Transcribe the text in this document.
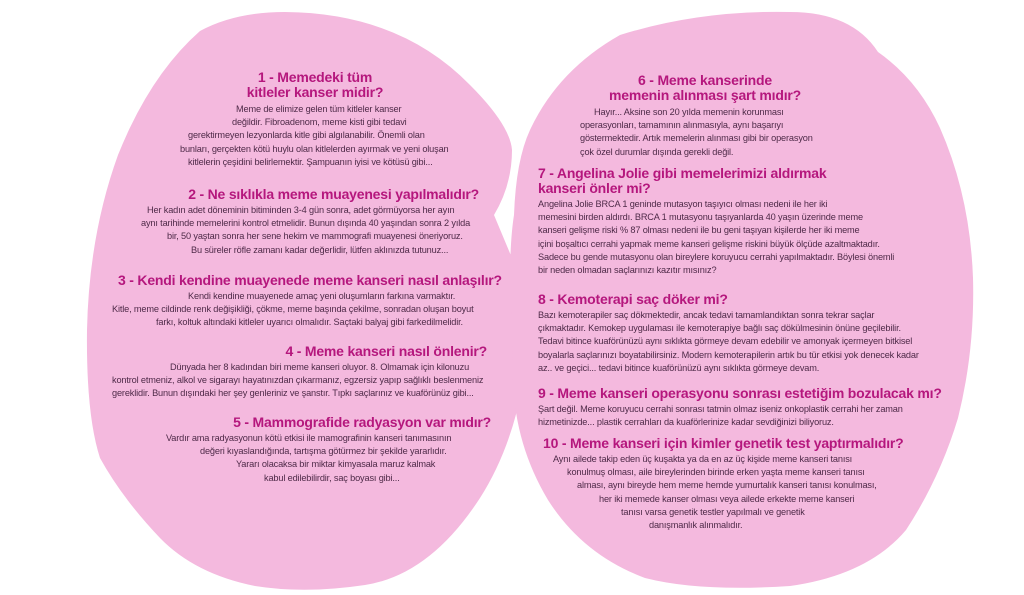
1 - Memedeki tüm
kitleler kanser midir?
Meme de elimize gelen tüm kitleler kanser
değildir. Fibroadenom, meme kisti gibi tedavi
gerektirmeyen lezyonlarda kitle gibi algılanabilir. Önemli olan
bunları, gerçekten kötü huylu olan kitlelerden ayırmak ve yeni oluşan
kitlelerin çeşidini belirlemektir. Şampuanın iyisi ve kötüsü gibi...
2 - Ne sıklıkla meme muayenesi yapılmalıdır?
Her kadın adet döneminin bitiminden 3-4 gün sonra, adet görmüyorsa her ayın
aynı tarihinde memelerini kontrol etmelidir. Bunun dışında 40 yaşından sonra 2 yılda
bir, 50 yaştan sonra her sene hekim ve mammografi muayenesi öneriyoruz.
Bu süreler röfle zamanı kadar değerlidir, lütfen aklınızda tutunuz...
3 - Kendi kendine muayenede meme kanseri nasıl anlaşılır?
Kendi kendine muayenede amaç yeni oluşumların farkına varmaktır.
Kitle, meme cildinde renk değişikliği, çökme, meme başında çekilme, sonradan oluşan boyut
farkı, koltuk altındaki kitleler uyarıcı olmalıdır. Saçtaki balyaj gibi farkedilmelidir.
4 - Meme kanseri nasıl önlenir?
Dünyada her 8 kadından biri meme kanseri oluyor. 8. Olmamak için kilonuzu
kontrol etmeniz, alkol ve sigarayı hayatınızdan çıkarmanız, egzersiz yapıp sağlıklı beslenmeniz
gereklidir. Bunun dışındaki her şey genleriniz ve şanstır. Tıpkı saçlarınız ve kuaförünüz gibi...
5 - Mammografide radyasyon var mıdır?
Vardır ama radyasyonun kötü etkisi ile mamografinin kanseri tanımasının
değeri kıyaslandığında, tartışma götürmez bir şekilde yararlıdır.
Yararı olacaksa bir miktar kimyasala maruz kalmak
kabul edilebilirdir, saç boyası gibi...
6 - Meme kanserinde
memenin alınması şart mıdır?
Hayır... Aksine son 20 yılda memenin korunması
operasyonları, tamamının alınmasıyla, aynı başarıyı
göstermektedir. Artık memelerin alınması gibi bir operasyon
çok özel durumlar dışında gerekli değil.
7 - Angelina Jolie gibi memelerimizi aldırmak
kanseri önler mi?
Angelina Jolie BRCA 1 geninde mutasyon taşıyıcı olması nedeni ile her iki
memesini birden aldırdı. BRCA 1 mutasyonu taşıyanlarda 40 yaşın üzerinde meme
kanseri gelişme riski % 87 olması nedeni ile bu geni taşıyan kişilerde her iki meme
içini boşaltıcı cerrahi yapmak meme kanseri gelişme riskini büyük ölçüde azaltmaktadır.
Sadece bu gende mutasyonu olan bireylere koruyucu cerrahi yapılmaktadır. Böylesi önemli
bir neden olmadan saçlarınızı kazıtır mısınız?
8 - Kemoterapi saç döker mi?
Bazı kemoterapiler saç dökmektedir, ancak tedavi tamamlandıktan sonra tekrar saçlar
çıkmaktadır. Kemokep uygulaması ile kemoterapiye bağlı saç dökülmesinin önüne geçilebilir.
Tedavi bitince kuaförünüzü aynı sıklıkta görmeye devam edebilir ve amonyak içermeyen bitkisel
boyalarla saçlarınızı boyatabilirsiniz. Modern kemoterapilerin artık bu tür etkisi yok denecek kadar
az.. ve geçici... tedavi bitince kuaförünüzü aynı sıklıkta görmeye devam.
9 - Meme kanseri operasyonu sonrası estetiğim bozulacak mı?
Şart değil. Meme koruyucu cerrahi sonrası tatmin olmaz iseniz onkoplastik cerrahi her zaman
hizmetinizde... plastik cerrahları da kuaförlerinize kadar sevdiğinizi biliyoruz.
10 - Meme kanseri için kimler genetik test yaptırmalıdır?
Aynı ailede takip eden üç kuşakta ya da en az üç kişide meme kanseri tanısı
konulmuş olması, aile bireylerinden birinde erken yaşta meme kanseri tanısı
alması, aynı bireyde hem meme hemde yumurtalık kanseri tanısı konulması,
her iki memede kanser olması veya ailede erkekte meme kanseri
tanısı varsa genetik testler yapılmalı ve genetik
danışmanlık alınmalıdır.
